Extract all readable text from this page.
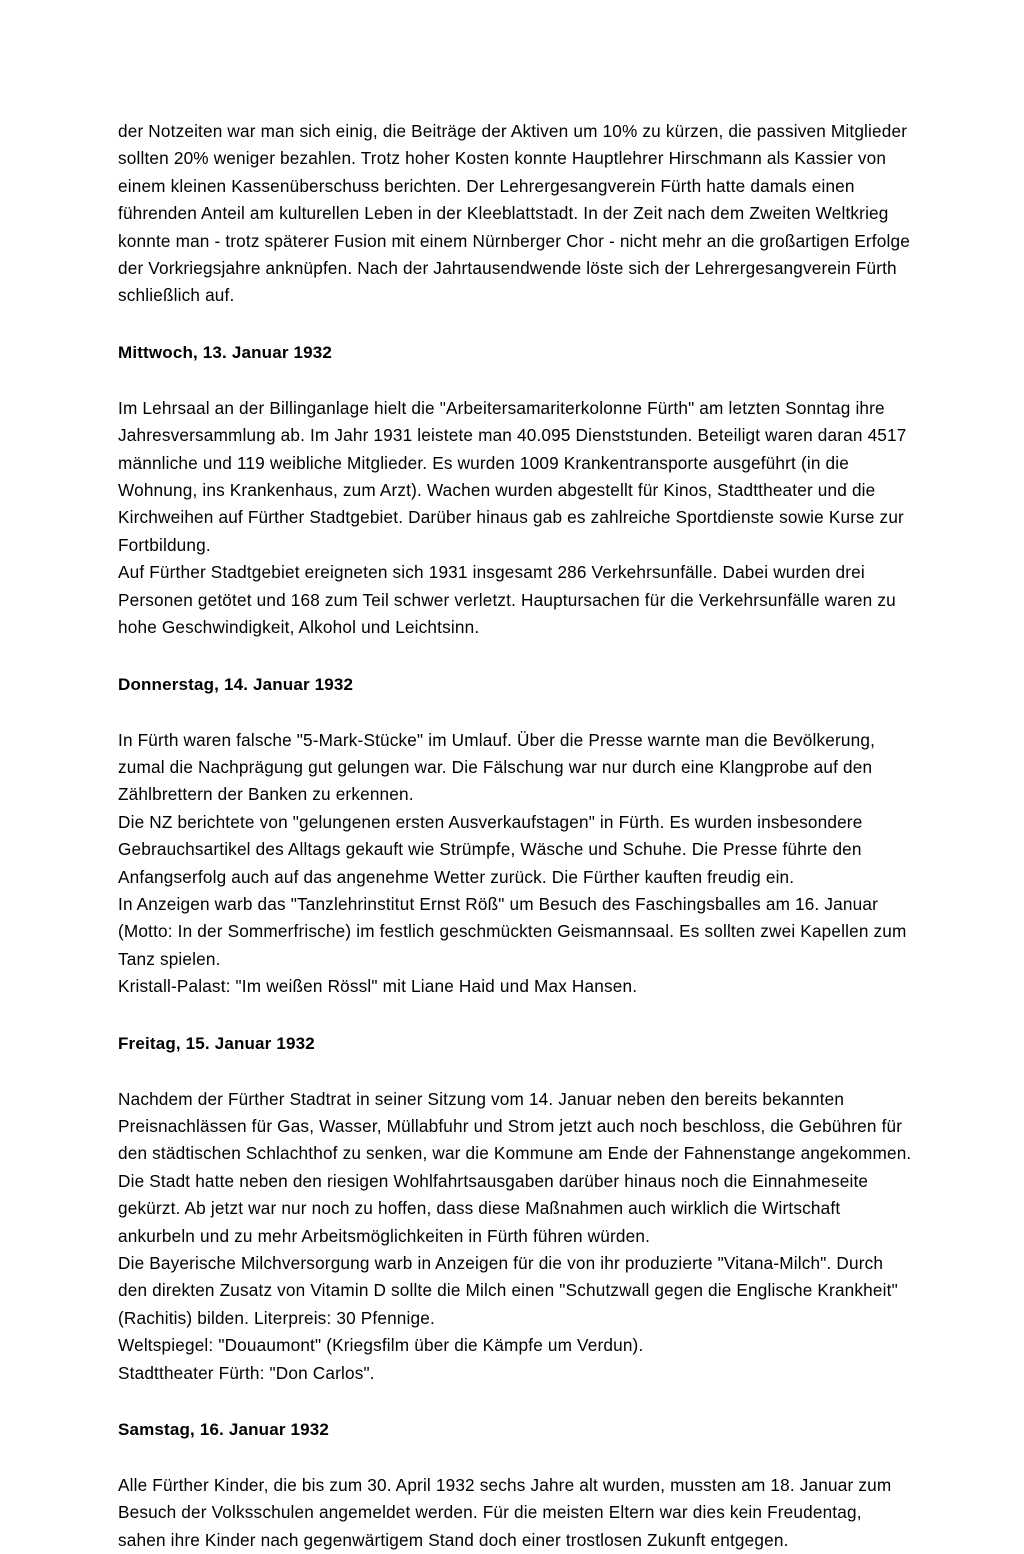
der Notzeiten war man sich einig, die Beiträge der Aktiven um 10% zu kürzen, die passiven Mitglieder sollten 20% weniger bezahlen. Trotz hoher Kosten konnte Hauptlehrer Hirschmann als Kassier von einem kleinen Kassenüberschuss berichten. Der Lehrergesangverein Fürth hatte damals einen führenden Anteil am kulturellen Leben in der Kleeblattstadt. In der Zeit nach dem Zweiten Weltkrieg konnte man - trotz späterer Fusion mit einem Nürnberger Chor - nicht mehr an die großartigen Erfolge der Vorkriegsjahre anknüpfen. Nach der Jahrtausendwende löste sich der Lehrergesangverein Fürth schließlich auf.

Mittwoch, 13. Januar 1932

Im Lehrsaal an der Billinganlage hielt die "Arbeitersamariterkolonne Fürth" am letzten Sonntag ihre Jahresversammlung ab. Im Jahr 1931 leistete man 40.095 Dienststunden. Beteiligt waren daran 4517 männliche und 119 weibliche Mitglieder. Es wurden 1009 Krankentransporte ausgeführt (in die Wohnung, ins Krankenhaus, zum Arzt). Wachen wurden abgestellt für Kinos, Stadttheater und die Kirchweihen auf Fürther Stadtgebiet. Darüber hinaus gab es zahlreiche Sportdienste sowie Kurse zur Fortbildung.

Auf Fürther Stadtgebiet ereigneten sich 1931 insgesamt 286 Verkehrsunfälle. Dabei wurden drei Personen getötet und 168 zum Teil schwer verletzt. Hauptursachen für die Verkehrsunfälle waren zu hohe Geschwindigkeit, Alkohol und Leichtsinn.

Donnerstag, 14. Januar 1932

In Fürth waren falsche "5-Mark-Stücke" im Umlauf. Über die Presse warnte man die Bevölkerung, zumal die Nachprägung gut gelungen war. Die Fälschung war nur durch eine Klangprobe auf den Zählbrettern der Banken zu erkennen.

Die NZ berichtete von "gelungenen ersten Ausverkaufstagen" in Fürth. Es wurden insbesondere Gebrauchsartikel des Alltags gekauft wie Strümpfe, Wäsche und Schuhe. Die Presse führte den Anfangserfolg auch auf das angenehme Wetter zurück. Die Fürther kauften freudig ein.

In Anzeigen warb das "Tanzlehrinstitut Ernst Röß" um Besuch des Faschingsballes am 16. Januar (Motto: In der Sommerfrische) im festlich geschmückten Geismannsaal. Es sollten zwei Kapellen zum Tanz spielen.

Kristall-Palast: "Im weißen Rössl" mit Liane Haid und Max Hansen.

Freitag, 15. Januar 1932

Nachdem der Fürther Stadtrat in seiner Sitzung vom 14. Januar neben den bereits bekannten Preisnachlässen für Gas, Wasser, Müllabfuhr und Strom jetzt auch noch beschloss, die Gebühren für den städtischen Schlachthof zu senken, war die Kommune am Ende der Fahnenstange angekommen. Die Stadt hatte neben den riesigen Wohlfahrtsausgaben darüber hinaus noch die Einnahmeseite gekürzt. Ab jetzt war nur noch zu hoffen, dass diese Maßnahmen auch wirklich die Wirtschaft ankurbeln und zu mehr Arbeitsmöglichkeiten in Fürth führen würden.

Die Bayerische Milchversorgung warb in Anzeigen für die von ihr produzierte "Vitana-Milch". Durch den direkten Zusatz von Vitamin D sollte die Milch einen "Schutzwall gegen die Englische Krankheit" (Rachitis) bilden. Literpreis: 30 Pfennige.

Weltspiegel: "Douaumont" (Kriegsfilm über die Kämpfe um Verdun).

Stadttheater Fürth: "Don Carlos".

Samstag, 16. Januar 1932

Alle Fürther Kinder, die bis zum 30. April 1932 sechs Jahre alt wurden, mussten am 18. Januar zum Besuch der Volksschulen angemeldet werden. Für die meisten Eltern war dies kein Freudentag, sahen ihre Kinder nach gegenwärtigem Stand doch einer trostlosen Zukunft entgegen.
